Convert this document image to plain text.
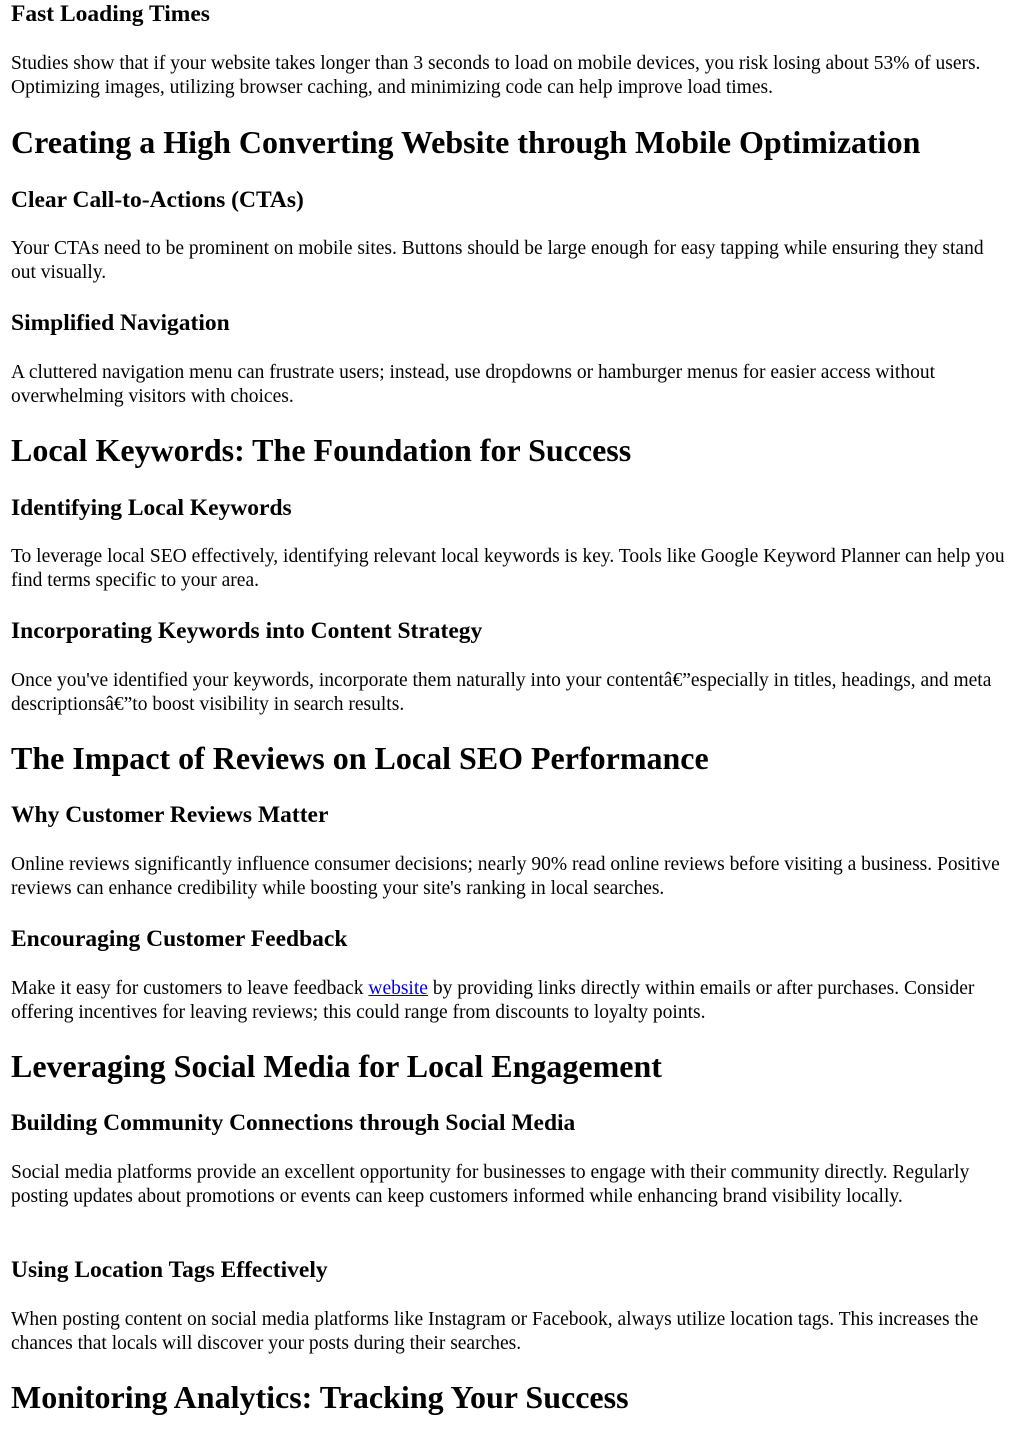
Fast Loading Times

Studies show that if your website takes longer than 3 seconds to load on mobile devices, you risk losing about 53% of users. Optimizing images, utilizing browser caching, and minimizing code can help improve load times.

Creating a High Converting Website through Mobile Optimization
Clear Call-to-Actions (CTAs)

Your CTAs need to be prominent on mobile sites. Buttons should be large enough for easy tapping while ensuring they stand out visually.

Simplified Navigation

A cluttered navigation menu can frustrate users; instead, use dropdowns or hamburger menus for easier access without overwhelming visitors with choices.

Local Keywords: The Foundation for Success
Identifying Local Keywords

To leverage local SEO effectively, identifying relevant local keywords is key. Tools like Google Keyword Planner can help you find terms specific to your area.

Incorporating Keywords into Content Strategy

Once you've identified your keywords, incorporate them naturally into your contentâ€”especially in titles, headings, and meta descriptionsâ€”to boost visibility in search results.

The Impact of Reviews on Local SEO Performance
Why Customer Reviews Matter

Online reviews significantly influence consumer decisions; nearly 90% read online reviews before visiting a business. Positive reviews can enhance credibility while boosting your site's ranking in local searches.

Encouraging Customer Feedback

Make it easy for customers to leave feedback website by providing links directly within emails or after purchases. Consider offering incentives for leaving reviews; this could range from discounts to loyalty points.

Leveraging Social Media for Local Engagement
Building Community Connections through Social Media

Social media platforms provide an excellent opportunity for businesses to engage with their community directly. Regularly posting updates about promotions or events can keep customers informed while enhancing brand visibility locally.

Using Location Tags Effectively

When posting content on social media platforms like Instagram or Facebook, always utilize location tags. This increases the chances that locals will discover your posts during their searches.

Monitoring Analytics: Tracking Your Success
